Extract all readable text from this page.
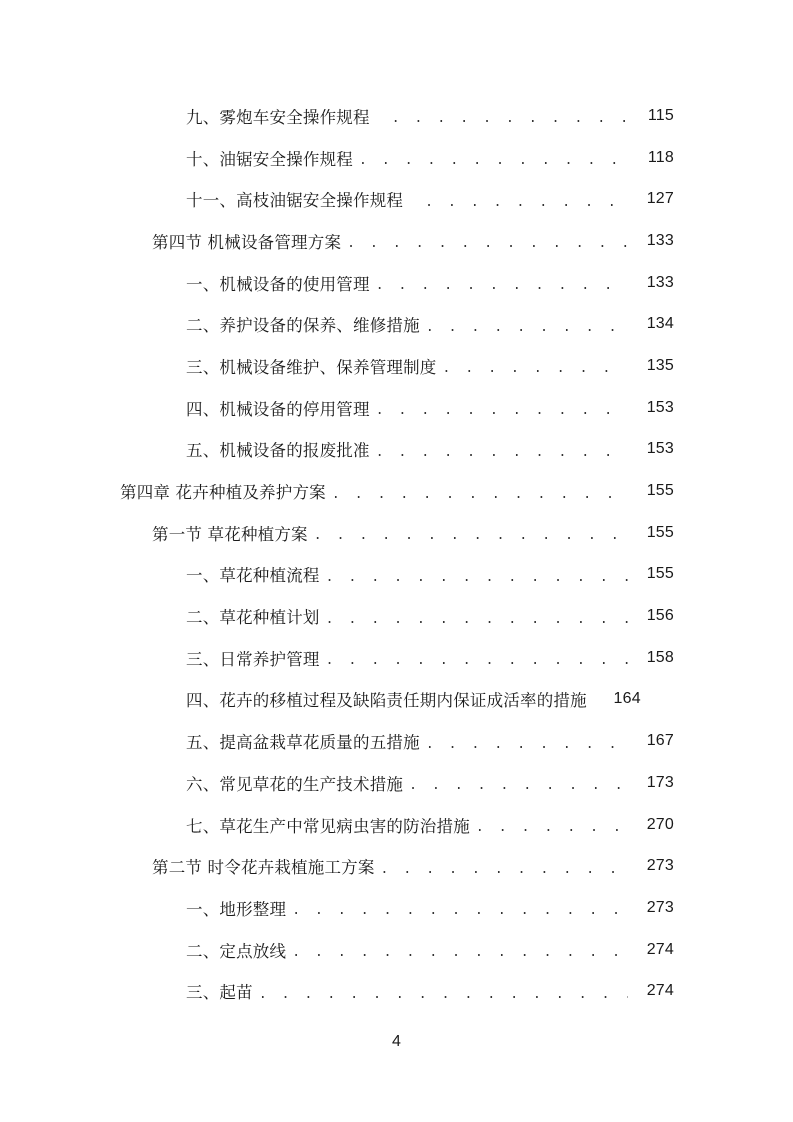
九、雾炮车安全操作规程 . . .	115
十、油锯安全操作规程 . . .	118
十一、高枝油锯安全操作规程 . . .	127
第四节 机械设备管理方案 . . .	133
一、机械设备的使用管理 . . .	133
二、养护设备的保养、维修措施 . . .	134
三、机械设备维护、保养管理制度 . . .	135
四、机械设备的停用管理 . . .	153
五、机械设备的报废批准 . . .	153
第四章 花卉种植及养护方案 . . .	155
第一节 草花种植方案 . . .	155
一、草花种植流程 . . .	155
二、草花种植计划 . . .	156
三、日常养护管理 . . .	158
四、花卉的移植过程及缺陷责任期内保证成活率的措施	164
五、提高盆栽草花质量的五措施 . . .	167
六、常见草花的生产技术措施 . . .	173
七、草花生产中常见病虫害的防治措施 . . .	270
第二节 时令花卉栽植施工方案 . . .	273
一、地形整理 . . .	273
二、定点放线 . . .	274
三、起苗 . . .	274
4
